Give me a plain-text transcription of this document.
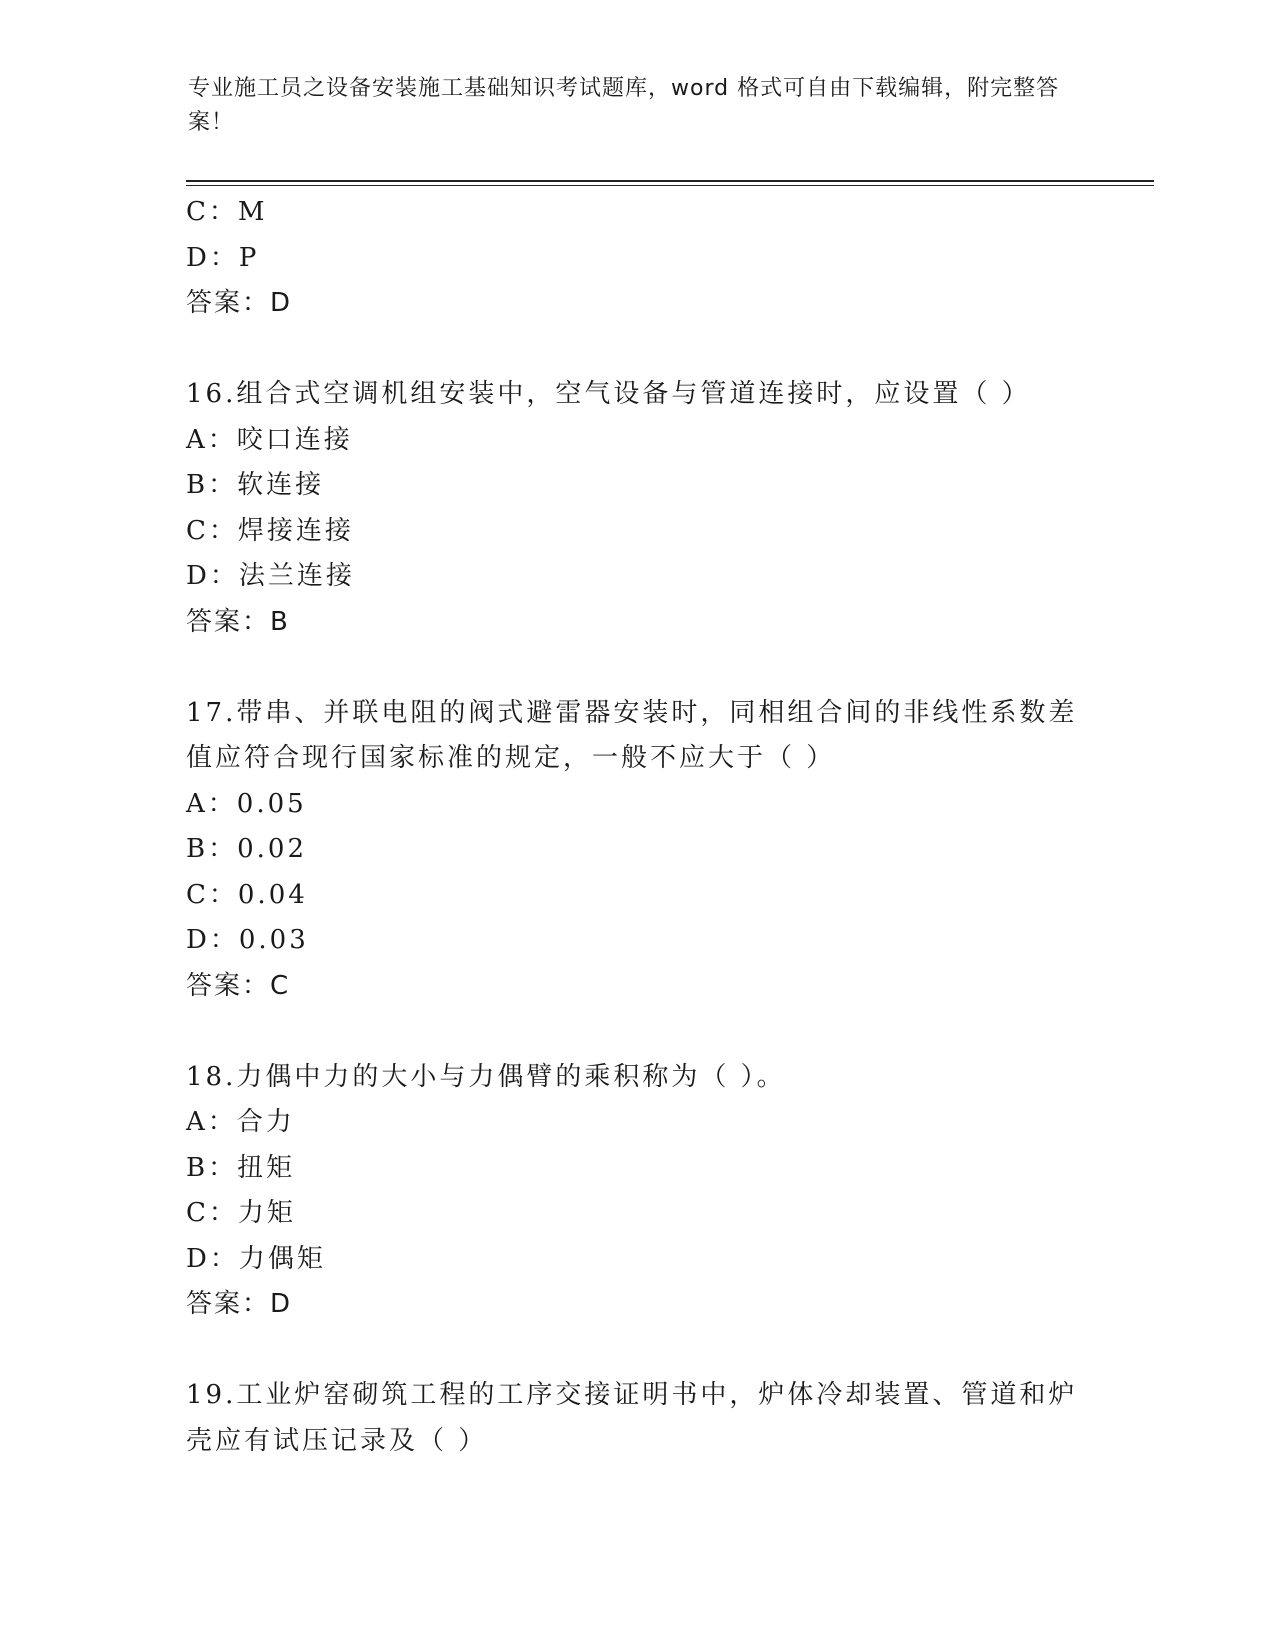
专业施工员之设备安装施工基础知识考试题库，word 格式可自由下载编辑，附完整答案！
C：M
D：P
答案：D
16.组合式空调机组安装中，空气设备与管道连接时，应设置（ ）
A：咬口连接
B：软连接
C：焊接连接
D：法兰连接
答案：B
17.带串、并联电阻的阀式避雷器安装时，同相组合间的非线性系数差值应符合现行国家标准的规定，一般不应大于（ ）
A：0.05
B：0.02
C：0.04
D：0.03
答案：C
18.力偶中力的大小与力偶臂的乘积称为（ ）。
A：合力
B：扭矩
C：力矩
D：力偶矩
答案：D
19.工业炉窑砌筑工程的工序交接证明书中，炉体冷却装置、管道和炉壳应有试压记录及（ ）
